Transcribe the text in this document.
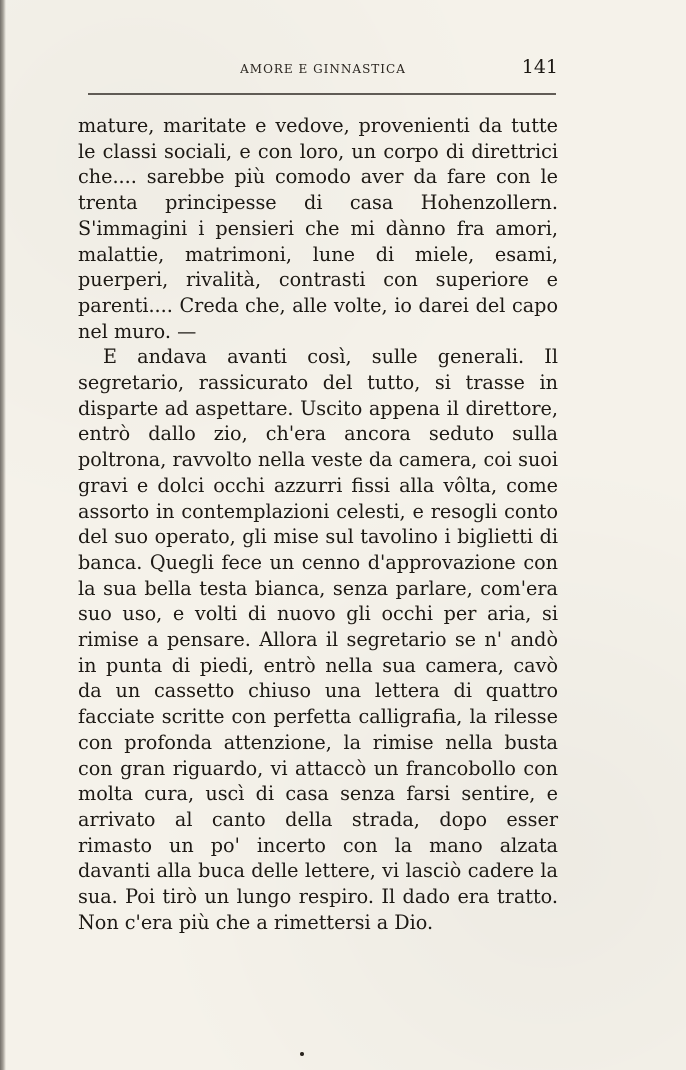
AMORE E GINNASTICA	141

mature, maritate e vedove, provenienti da tutte le classi sociali, e con loro, un corpo di direttrici che.... sarebbe più comodo aver da fare con le trenta principesse di casa Hohenzollern. S'immagini i pensieri che mi dànno fra amori, malattie, matrimoni, lune di miele, esami, puerperi, rivalità, contrasti con superiore e parenti.... Creda che, alle volte, io darei del capo nel muro. —

E andava avanti così, sulle generali. Il segretario, rassicurato del tutto, si trasse in disparte ad aspettare. Uscito appena il direttore, entrò dallo zio, ch'era ancora seduto sulla poltrona, ravvolto nella veste da camera, coi suoi gravi e dolci occhi azzurri fissi alla vôlta, come assorto in contemplazioni celesti, e resogli conto del suo operato, gli mise sul tavolino i biglietti di banca. Quegli fece un cenno d'approvazione con la sua bella testa bianca, senza parlare, com'era suo uso, e volti di nuovo gli occhi per aria, si rimise a pensare. Allora il segretario se n' andò in punta di piedi, entrò nella sua camera, cavò da un cassetto chiuso una lettera di quattro facciate scritte con perfetta calligrafia, la rilesse con profonda attenzione, la rimise nella busta con gran riguardo, vi attaccò un francobollo con molta cura, uscì di casa senza farsi sentire, e arrivato al canto della strada, dopo esser rimasto un po' incerto con la mano alzata davanti alla buca delle lettere, vi lasciò cadere la sua. Poi tirò un lungo respiro. Il dado era tratto. Non c'era più che a rimettersi a Dio.
